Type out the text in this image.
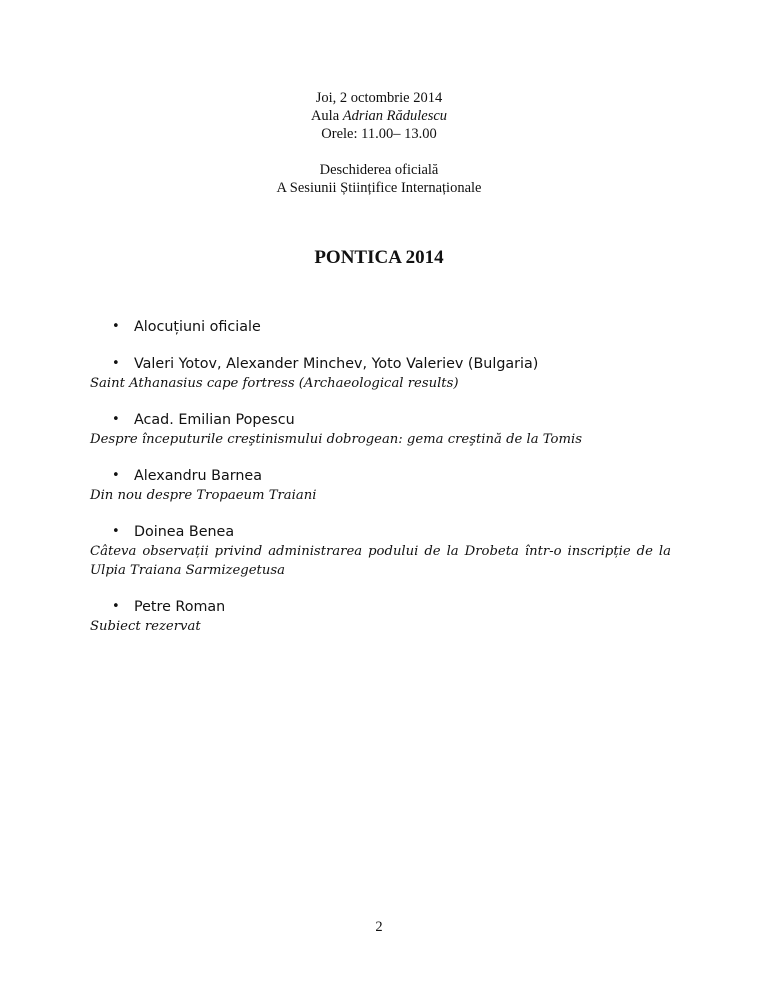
Joi, 2 octombrie 2014
Aula Adrian Rădulescu
Orele: 11.00– 13.00
Deschiderea oficială
A Sesiunii Științifice Internaționale
PONTICA 2014
• Alocuțiuni oficiale
• Valeri Yotov, Alexander Minchev, Yoto Valeriev (Bulgaria)
Saint Athanasius cape fortress (Archaeological results)
• Acad. Emilian Popescu
Despre începuturile creştinismului dobrogean: gema creştină de la Tomis
• Alexandru Barnea
Din nou despre Tropaeum Traiani
• Doinea Benea
Câteva observații privind administrarea podului de la Drobeta într-o inscripție de la Ulpia Traiana Sarmizegetusa
• Petre Roman
Subiect rezervat
2
